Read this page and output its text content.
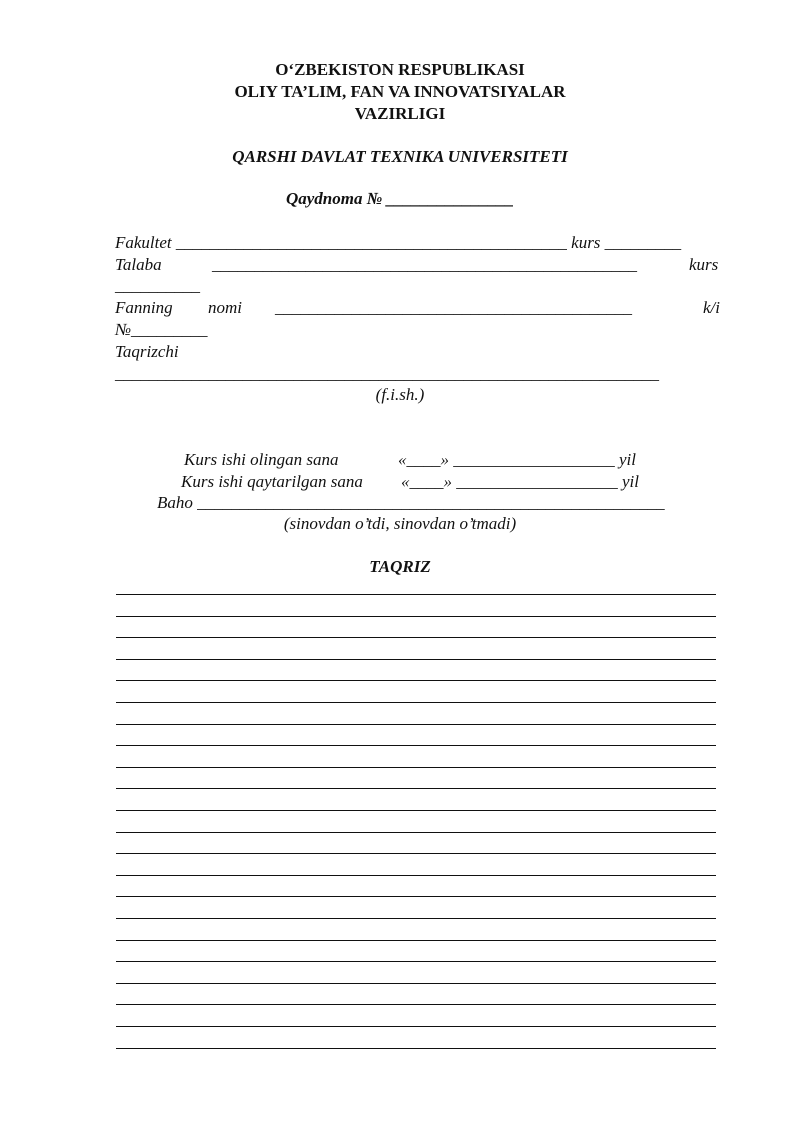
O‘ZBEKISTON RESPUBLIKASI
OLIY TA’LIM, FAN VA INNOVATSIYALAR
VAZIRLIGI
QARSHI DAVLAT TEXNIKA UNIVERSITETI
Qaydnoma № _______________
Fakultet ______________________________________________ kurs _________
Talaba	__________________________________________________	kurs
__________
Fanning nomi __________________________________________	k/i
№_________
Taqrizchi
________________________________________________________________
(f.i.sh.)
Kurs ishi olingan sana	«____» ___________________ yil
Kurs ishi qaytarilgan sana «____» ___________________ yil
Baho _______________________________________________________
(sinovdan o’tdi, sinovdan o’tmadi)
TAQRIZ
